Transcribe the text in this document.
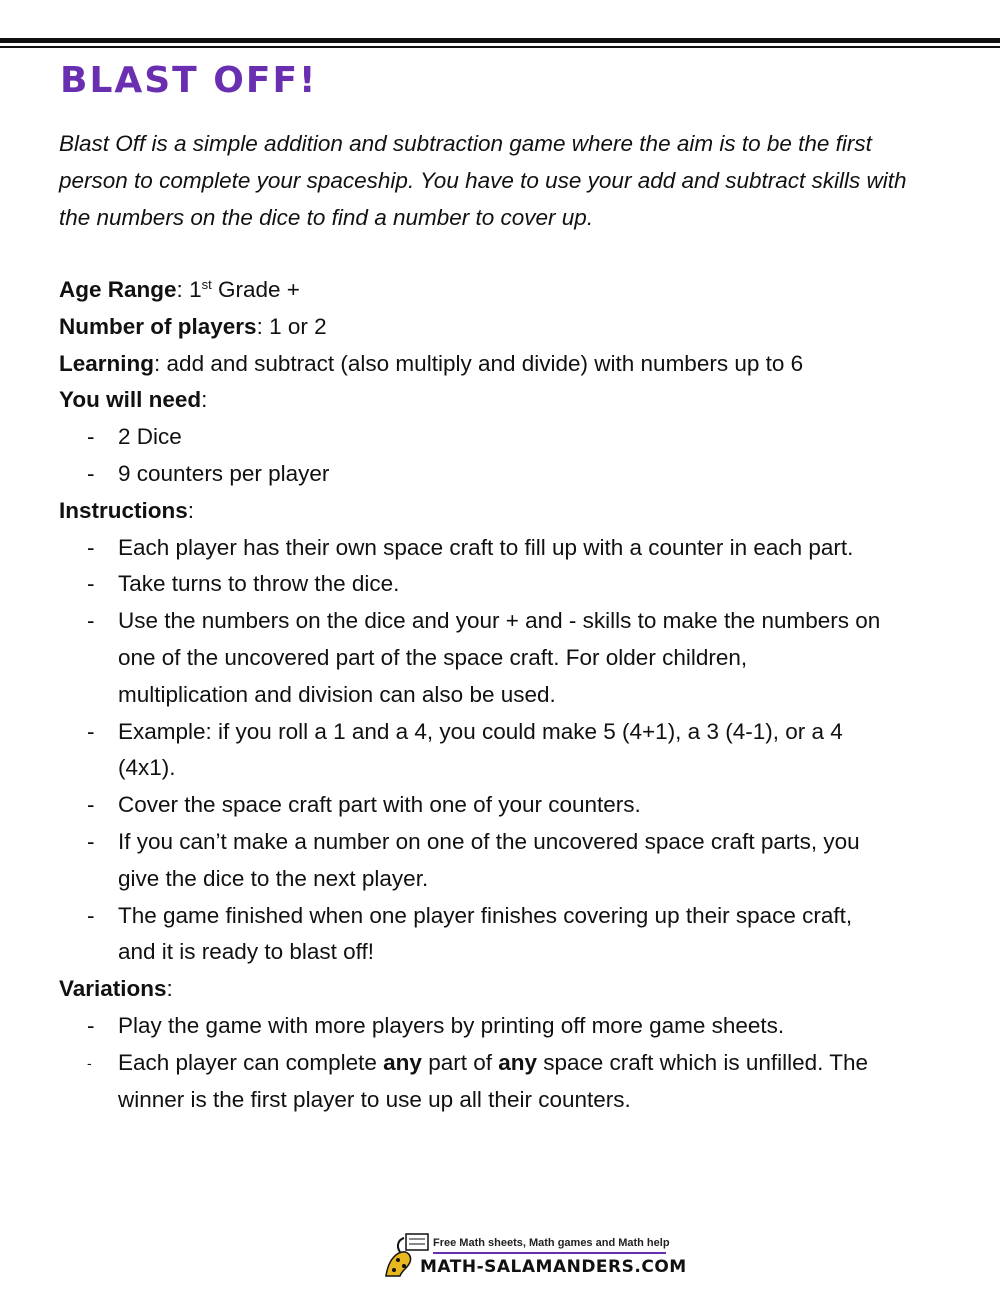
BLAST OFF!

Blast Off is a simple addition and subtraction game where the aim is to be the first person to complete your spaceship. You have to use your add and subtract skills with the numbers on the dice to find a number to cover up.

Age Range: 1st Grade +
Number of players: 1 or 2
Learning: add and subtract (also multiply and divide) with numbers up to 6
You will need:
- 2 Dice
- 9 counters per player
Instructions:
- Each player has their own space craft to fill up with a counter in each part.
- Take turns to throw the dice.
- Use the numbers on the dice and your + and - skills to make the numbers on
one of the uncovered part of the space craft. For older children,
multiplication and division can also be used.
- Example: if you roll a 1 and a 4, you could make 5 (4+1), a 3 (4-1), or a 4
(4x1).
- Cover the space craft part with one of your counters.
- If you can’t make a number on one of the uncovered space craft parts, you
give the dice to the next player.
- The game finished when one player finishes covering up their space craft,
and it is ready to blast off!
Variations:
- Play the game with more players by printing off more game sheets.
- Each player can complete any part of any space craft which is unfilled. The
winner is the first player to use up all their counters.
Free Math sheets, Math games and Math help
MATH-SALAMANDERS.COM
